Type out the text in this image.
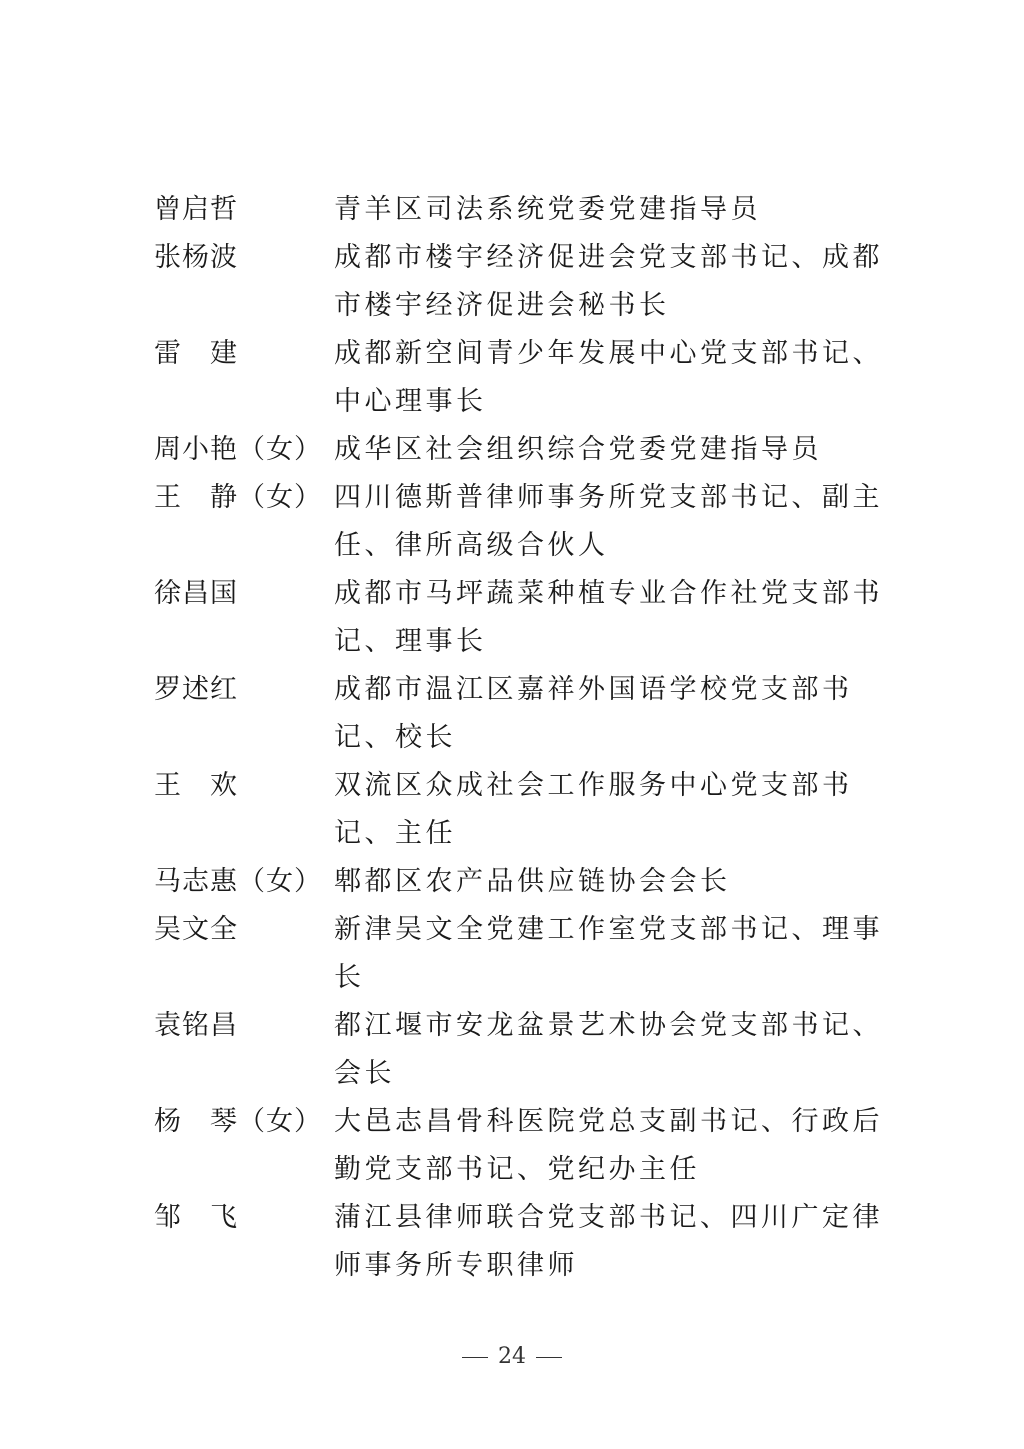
曾启哲	青羊区司法系统党委党建指导员
张杨波	成都市楼宇经济促进会党支部书记、成都市楼宇经济促进会秘书长
雷　建	成都新空间青少年发展中心党支部书记、中心理事长
周小艳（女） 成华区社会组织综合党委党建指导员
王　静（女） 四川德斯普律师事务所党支部书记、副主任、律所高级合伙人
徐昌国	成都市马坪蔬菜种植专业合作社党支部书记、理事长
罗述红	成都市温江区嘉祥外国语学校党支部书记、校长
王　欢	双流区众成社会工作服务中心党支部书记、主任
马志惠（女） 郫都区农产品供应链协会会长
吴文全	新津吴文全党建工作室党支部书记、理事长
袁铭昌	都江堰市安龙盆景艺术协会党支部书记、会长
杨　琴（女） 大邑志昌骨科医院党总支副书记、行政后勤党支部书记、党纪办主任
邹　飞	蒲江县律师联合党支部书记、四川广定律师事务所专职律师
24
